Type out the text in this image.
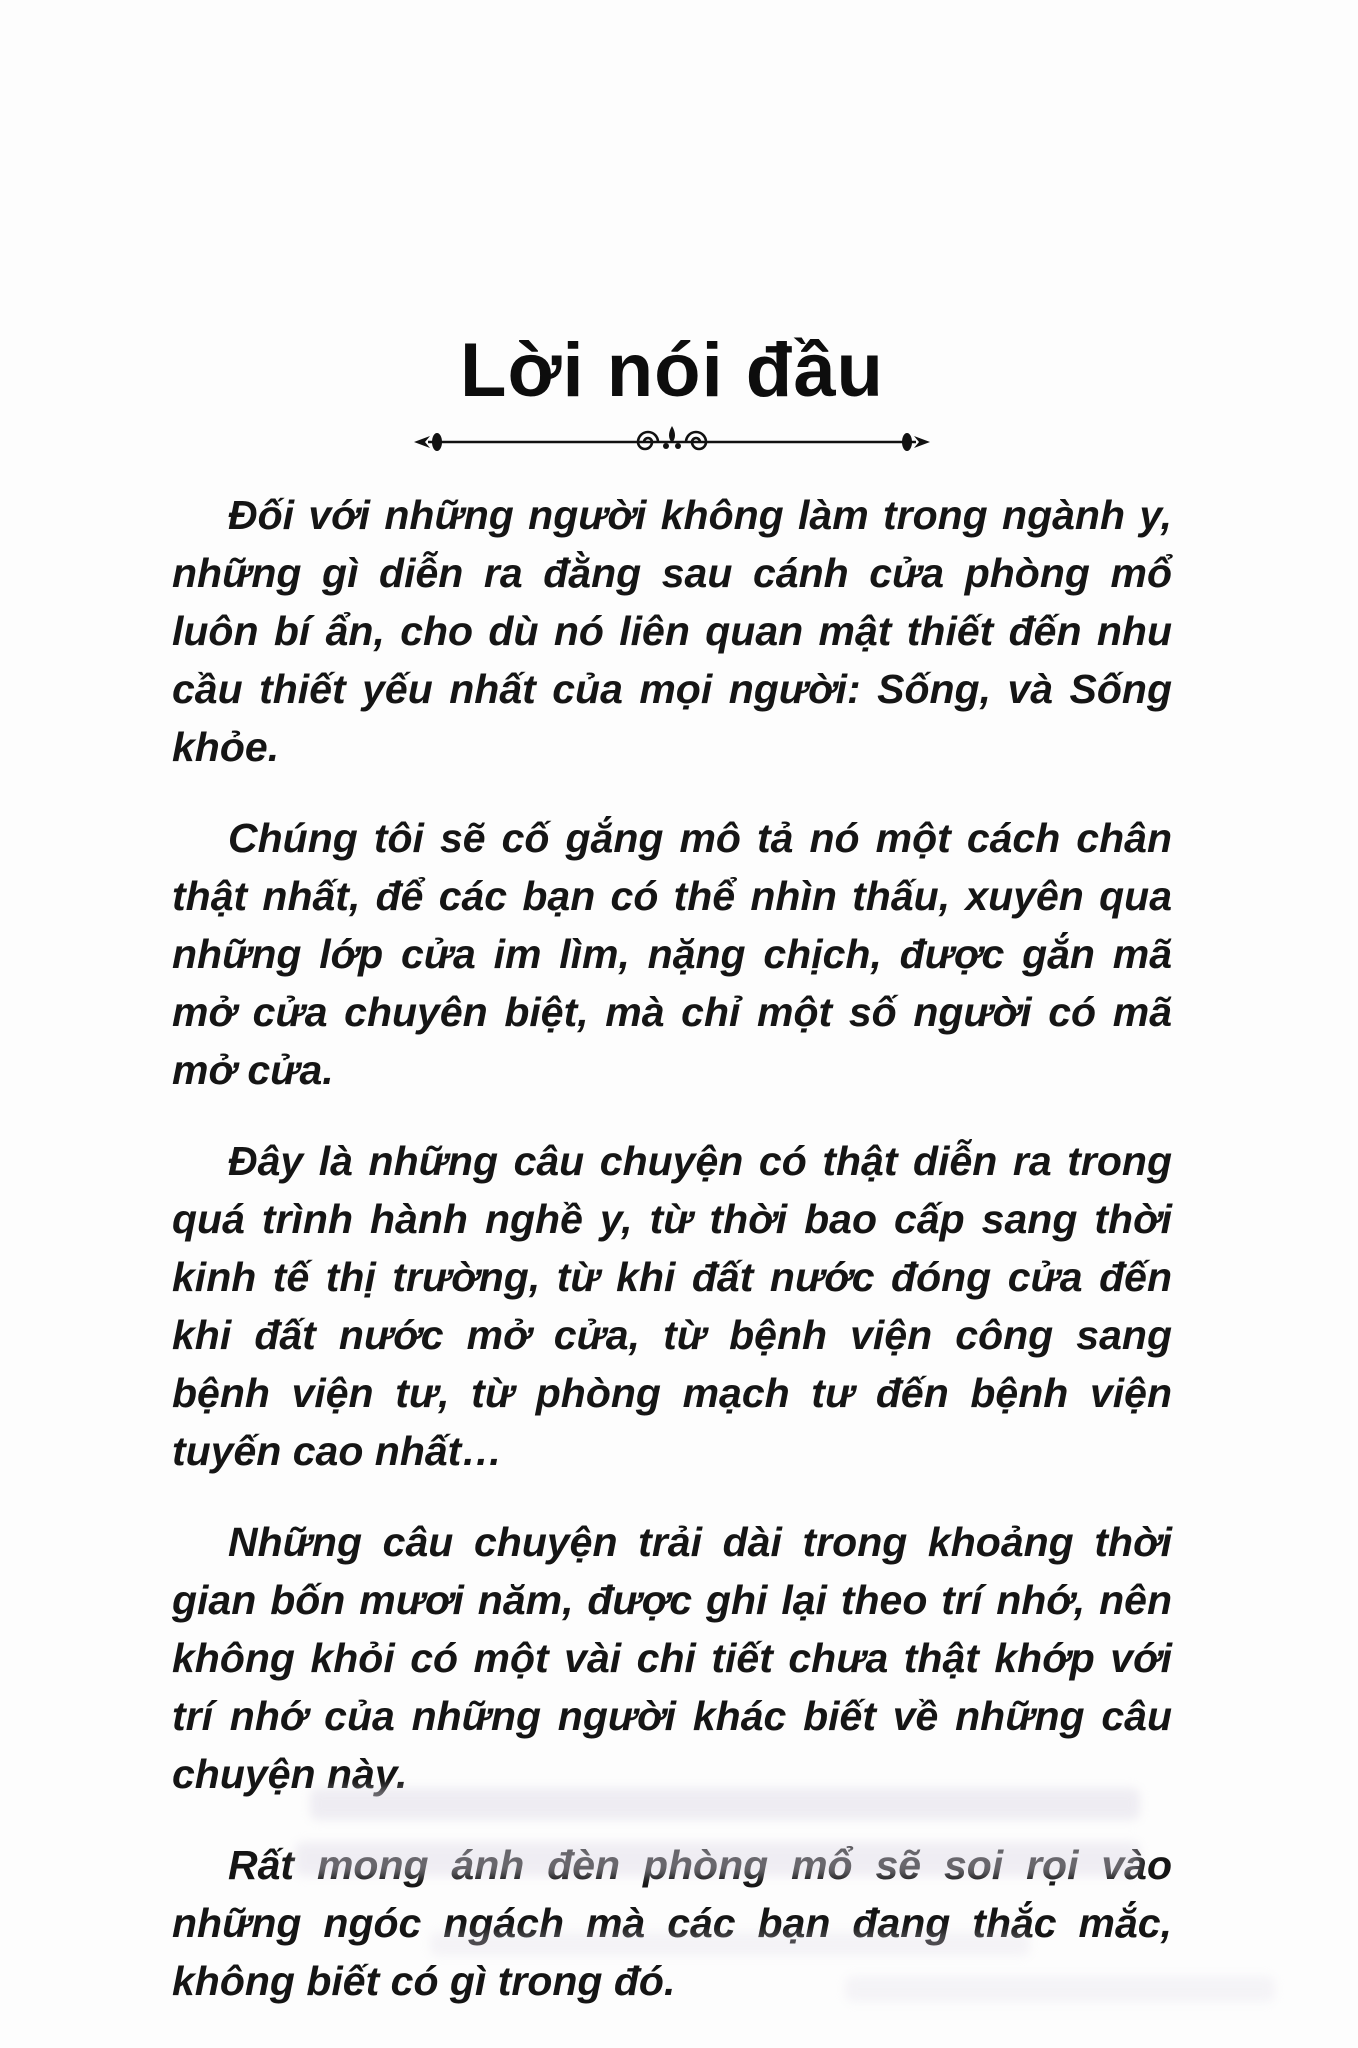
Lời nói đầu

Đối với những người không làm trong ngành y, những gì diễn ra đằng sau cánh cửa phòng mổ luôn bí ẩn, cho dù nó liên quan mật thiết đến nhu cầu thiết yếu nhất của mọi người: Sống, và Sống khỏe.

Chúng tôi sẽ cố gắng mô tả nó một cách chân thật nhất, để các bạn có thể nhìn thấu, xuyên qua những lớp cửa im lìm, nặng chịch, được gắn mã mở cửa chuyên biệt, mà chỉ một số người có mã mở cửa.

Đây là những câu chuyện có thật diễn ra trong quá trình hành nghề y, từ thời bao cấp sang thời kinh tế thị trường, từ khi đất nước đóng cửa đến khi đất nước mở cửa, từ bệnh viện công sang bệnh viện tư, từ phòng mạch tư đến bệnh viện tuyến cao nhất…

Những câu chuyện trải dài trong khoảng thời gian bốn mươi năm, được ghi lại theo trí nhớ, nên không khỏi có một vài chi tiết chưa thật khớp với trí nhớ của những người khác biết về những câu chuyện này.

Rất mong ánh đèn phòng mổ sẽ soi rọi vào những ngóc ngách mà các bạn đang thắc mắc, không biết có gì trong đó.
